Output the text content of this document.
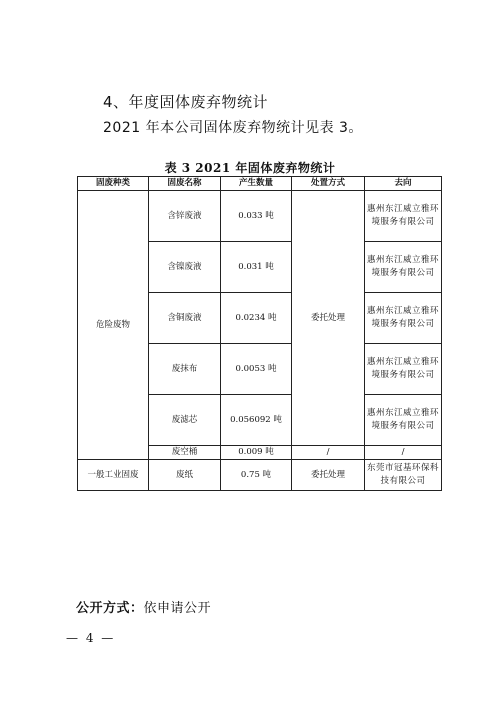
4、年度固体废弃物统计
2021 年本公司固体废弃物统计见表 3。
表 3 2021 年固体废弃物统计
固废种类	固废名称	产生数量	处置方式	去向
危险废物	含锌废液	0.033 吨	委托处理	惠州东江威立雅环境服务有限公司
	含镍废液	0.031 吨		惠州东江威立雅环境服务有限公司
	含铜废液	0.0234 吨		惠州东江威立雅环境服务有限公司
	废抹布	0.0053 吨		惠州东江威立雅环境服务有限公司
	废滤芯	0.056092 吨		惠州东江威立雅环境服务有限公司
	废空桶	0.009 吨	/	/
一般工业固废	废纸	0.75 吨	委托处理	东莞市冠基环保科技有限公司
公开方式：依申请公开
— 4 —
